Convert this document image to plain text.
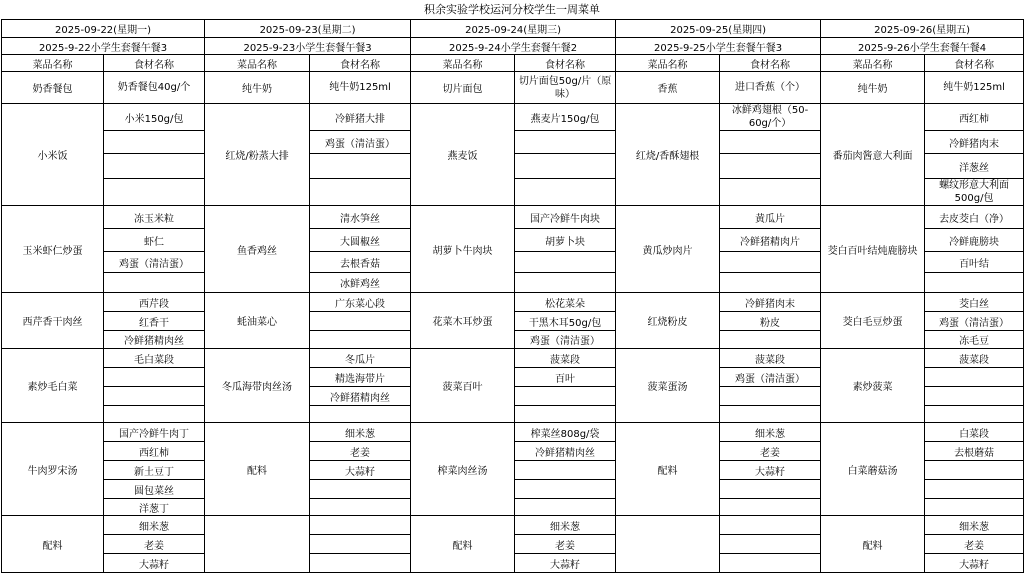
积余实验学校运河分校学生一周菜单
2025-09-22(星期一)		2025-09-23(星期二)		2025-09-24(星期三)		2025-09-25(星期四)		2025-09-26(星期五)	
2025-9-22小学生套餐午餐3		2025-9-23小学生套餐午餐3		2025-9-24小学生套餐午餐2		2025-9-25小学生套餐午餐3		2025-9-26小学生套餐午餐4	
菜品名称	食材名称	菜品名称	食材名称	菜品名称	食材名称	菜品名称	食材名称	菜品名称	食材名称
奶香餐包	奶香餐包40g/个	纯牛奶	纯牛奶125ml	切片面包	切片面包50g/片（原味）	香蕉	进口香蕉（个）	纯牛奶	纯牛奶125ml
小米饭	小米150g/包	红烧/粉蒸大排	冷鲜猪大排	燕麦饭	燕麦片150g/包	红烧/香酥翅根	冰鲜鸡翅根（50-60g/个）	番茄肉酱意大利面	西红柿
			鸡蛋（清洁蛋）						冷鲜猪肉末
									洋葱丝
									螺纹形意大利面500g/包
玉米虾仁炒蛋	冻玉米粒	鱼香鸡丝	清水笋丝	胡萝卜牛肉块	国产冷鲜牛肉块	黄瓜炒肉片	黄瓜片	茭白百叶结炖鹿膀块	去皮茭白（净）
	虾仁		大圆椒丝		胡萝卜块		冷鲜猪精肉片		冷鲜鹿膀块
	鸡蛋（清洁蛋）		去根香菇						百叶结
			冰鲜鸡丝						
西芹香干肉丝	西芹段	蚝油菜心	广东菜心段	花菜木耳炒蛋	松花菜朵	红烧粉皮	冷鲜猪肉末	茭白毛豆炒蛋	茭白丝
	红香干				干黑木耳50g/包		粉皮		鸡蛋（清洁蛋）
	冷鲜猪精肉丝				鸡蛋（清洁蛋）				冻毛豆
素炒毛白菜	毛白菜段	冬瓜海带肉丝汤	冬瓜片	菠菜百叶	菠菜段	菠菜蛋汤	菠菜段	素炒菠菜	菠菜段
			精选海带片		百叶		鸡蛋（清洁蛋）		
			冷鲜猪精肉丝						

牛肉罗宋汤	国产冷鲜牛肉丁	配料	细米葱	榨菜肉丝汤	榨菜丝808g/袋	配料	细米葱	白菜蘑菇汤	白菜段
	西红柿		老姜		冷鲜猪精肉丝		老姜		去根蘑菇
	新土豆丁		大蒜籽				大蒜籽		
	圆包菜丝								
	洋葱丁								
配料	细米葱			配料	细米葱			配料	细米葱
	老姜				老姜				老姜
	大蒜籽				大蒜籽				大蒜籽
